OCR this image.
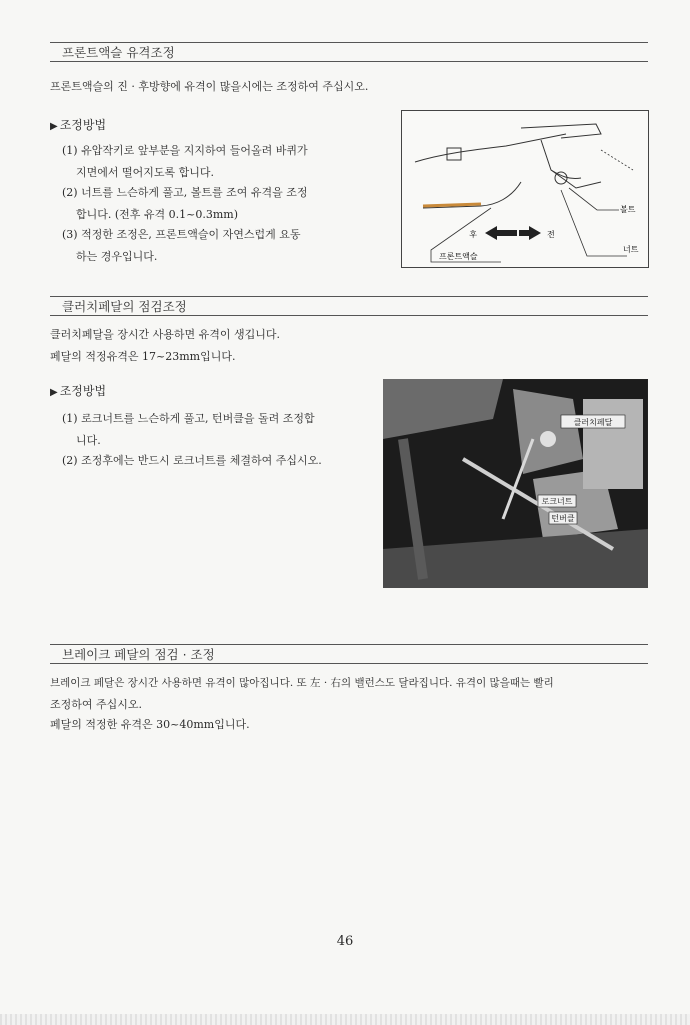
프론트액슬 유격조정
프론트액슬의 진 · 후방향에 유격이 많을시에는 조정하여 주십시오.
▶ 조정방법
(1) 유압작키로 앞부분을 지지하여 들어올려 바퀴가
지면에서 떨어지도록 합니다.
(2) 너트를 느슨하게 풀고, 볼트를 조여 유격을 조정
합니다. (전후 유격 0.1~0.3mm)
(3) 적정한 조정은, 프론트액슬이 자연스럽게 요동
하는 경우입니다.
후	전
볼트
너트
프론트액슬
클러치페달의 점검조정
클러치페달을 장시간 사용하면 유격이 생깁니다.
페달의 적정유격은 17~23mm입니다.
▶ 조정방법
(1) 로크너트를 느슨하게 풀고, 턴버클을 돌려 조정합
니다.
(2) 조정후에는 반드시 로크너트를 체결하여 주십시오.
클러치페달
로크너트
턴버클
브레이크 페달의 점검 · 조정
브레이크 페달은 장시간 사용하면 유격이 많아집니다. 또 左 · 右의 밸런스도 달라집니다. 유격이 많을때는 빨리
조정하여 주십시오.
페달의 적정한 유격은 30~40mm입니다.
46
